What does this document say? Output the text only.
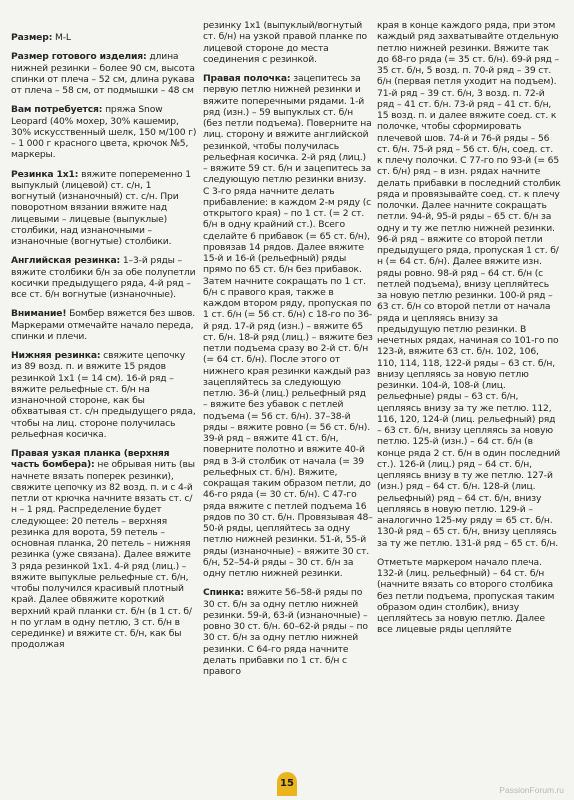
Размер: M-L

Размер готового изделия: длина нижней резинки – более 90 см, высота спинки от плеча – 52 см, длина рукава от плеча – 58 см, от подмышки – 48 см

Вам потребуется: пряжа Snow Leopard (40% мохер, 30% кашемир, 30% искусственный шелк, 150 м/100 г) – 1 000 г красного цвета, крючок №5, маркеры.

Резинка 1х1: вяжите попеременно 1 выпуклый (лицевой) ст. с/н, 1 вогнутый (изнаночный) ст. с/н. При поворотном вязании вяжите над лицевыми – лицевые (выпуклые) столбики, над изнаночными – изнаночные (вогнутые) столбики.

Английская резинка: 1–3-й ряды – вяжите столбики б/н за обе полупетли косички предыдущего ряда, 4-й ряд – все ст. б/н вогнутые (изнаночные).

Внимание! Бомбер вяжется без швов. Маркерами отмечайте начало переда, спинки и плечи.

Нижняя резинка: свяжите цепочку из 89 возд. п. и вяжите 15 рядов резинкой 1х1 (= 14 см). 16-й ряд – вяжите рельефные ст. б/н на изнаночной стороне, как бы обхватывая ст. с/н предыдущего ряда, чтобы на лиц. стороне получилась рельефная косичка.

Правая узкая планка (верхняя часть бомбера): не обрывая нить (вы начнете вязать поперек резинки), свяжите цепочку из 82 возд. п. и с 4-й петли от крючка начните вязать ст. с/н – 1 ряд. Распределение будет следующее: 20 петель – верхняя резинка для ворота, 59 петель – основная планка, 20 петель – нижняя резинка (уже связана). Далее вяжите 3 ряда резинкой 1х1. 4-й ряд (лиц.) – вяжите выпуклые рельефные ст. б/н, чтобы получился красивый плотный край. Далее обвяжите короткий верхний край планки ст. б/н (в 1 ст. б/н по углам в одну петлю, 3 ст. б/н в серединке) и вяжите ст. б/н, как бы продолжая

резинку 1х1 (выпуклый/вогнутый ст. б/н) на узкой правой планке по лицевой стороне до места соединения с резинкой.

Правая полочка: зацепитесь за первую петлю нижней резинки и вяжите поперечными рядами. 1-й ряд (изн.) – 59 выпуклых ст. б/н (без петли подъема). Поверните на лиц. сторону и вяжите английской резинкой, чтобы получилась рельефная косичка. 2-й ряд (лиц.) – вяжите 59 ст. б/н и зацепитесь за следующую петлю резинки внизу. С 3-го ряда начните делать прибавление: в каждом 2-м ряду (с открытого края) – по 1 ст. (= 2 ст. б/н в одну крайний ст.). Всего сделайте 6 прибавок (= 65 ст. б/н), провязав 14 рядов. Далее вяжите 15-й и 16-й (рельефный) ряды прямо по 65 ст. б/н без прибавок. Затем начните сокращать по 1 ст. б/н с правого края, также в каждом втором ряду, пропуская по 1 ст. б/н (= 56 ст. б/н) с 18-го по 36-й ряд. 17-й ряд (изн.) – вяжите 65 ст. б/н. 18-й ряд (лиц.) – вяжите без петли подъема сразу во 2-й ст. б/н (= 64 ст. б/н). После этого от нижнего края резинки каждый раз зацепляйтесь за следующую петлю. 36-й (лиц.) рельефный ряд – вяжите без убавок с петлей подъема (= 56 ст. б/н). 37–38-й ряды – вяжите ровно (= 56 ст. б/н). 39-й ряд – вяжите 41 ст. б/н, поверните полотно и вяжите 40-й ряд в 3-й столбик от начала (= 39 рельефных ст. б/н). Вяжите, сокращая таким образом петли, до 46-го ряда (= 30 ст. б/н). С 47-го ряда вяжите с петлей подъема 16 рядов по 30 ст. б/н. Провязывая 48–50-й ряды, цепляйтесь за одну петлю нижней резинки. 51-й, 55-й ряды (изнаночные) – вяжите 30 ст. б/н, 52–54-й ряды – 30 ст. б/н за одну петлю нижней резинки.

Спинка: вяжите 56–58-й ряды по 30 ст. б/н за одну петлю нижней резинки. 59-й, 63-й (изнаночные) – ровно 30 ст. б/н. 60–62-й ряды – по 30 ст. б/н за одну петлю нижней резинки. С 64-го ряда начните делать прибавки по 1 ст. б/н с правого

края в конце каждого ряда, при этом каждый ряд захватывайте отдельную петлю нижней резинки. Вяжите так до 68-го ряда (= 35 ст. б/н). 69-й ряд – 35 ст. б/н, 5 возд. п. 70-й ряд – 39 ст. б/н (первая петля уходит на подъем). 71-й ряд – 39 ст. б/н, 3 возд. п. 72-й ряд – 41 ст. б/н. 73-й ряд – 41 ст. б/н, 15 возд. п. и далее вяжите соед. ст. к полочке, чтобы сформировать плечевой шов. 74-й и 76-й ряды – 56 ст. б/н. 75-й ряд – 56 ст. б/н, соед. ст. к плечу полочки. С 77-го по 93-й (= 65 ст. б/н) ряд – в изн. рядах начните делать прибавки в последний столбик ряда и провязывайте соед. ст. к плечу полочки. Далее начните сокращать петли. 94-й, 95-й ряды – 65 ст. б/н за одну и ту же петлю нижней резинки. 96-й ряд – вяжите со второй петли предыдущего ряда, пропуская 1 ст. б/н (= 64 ст. б/н). Далее вяжите изн. ряды ровно. 98-й ряд – 64 ст. б/н (с петлей подъема), внизу цепляйтесь за новую петлю резинки. 100-й ряд – 63 ст. б/н со второй петли от начала ряда и цепляясь внизу за предыдущую петлю резинки. В нечетных рядах, начиная со 101-го по 123-й, вяжите 63 ст. б/н. 102, 106, 110, 114, 118, 122-й ряды – 63 ст. б/н, внизу цепляясь за новую петлю резинки. 104-й, 108-й (лиц. рельефные) ряды – 63 ст. б/н, цепляясь внизу за ту же петлю. 112, 116, 120, 124-й (лиц. рельефный) ряд – 63 ст. б/н, внизу цепляясь за новую петлю. 125-й (изн.) – 64 ст. б/н (в конце ряда 2 ст. б/н в один последний ст.). 126-й (лиц.) ряд – 64 ст. б/н, цепляясь внизу в ту же петлю. 127-й (изн.) ряд – 64 ст. б/н. 128-й (лиц. рельефный) ряд – 64 ст. б/н, внизу цепляясь в новую петлю. 129-й – аналогично 125-му ряду = 65 ст. б/н. 130-й ряд – 65 ст. б/н, внизу цепляясь за ту же петлю. 131-й ряд – 65 ст. б/н.

Отметьте маркером начало плеча. 132-й (лиц. рельефный) – 64 ст. б/н (начните вязать со второго столбика без петли подъема, пропуская таким образом один столбик), внизу цепляйтесь за новую петлю. Далее все лицевые ряды цепляйте

15
PassionForum.ru
